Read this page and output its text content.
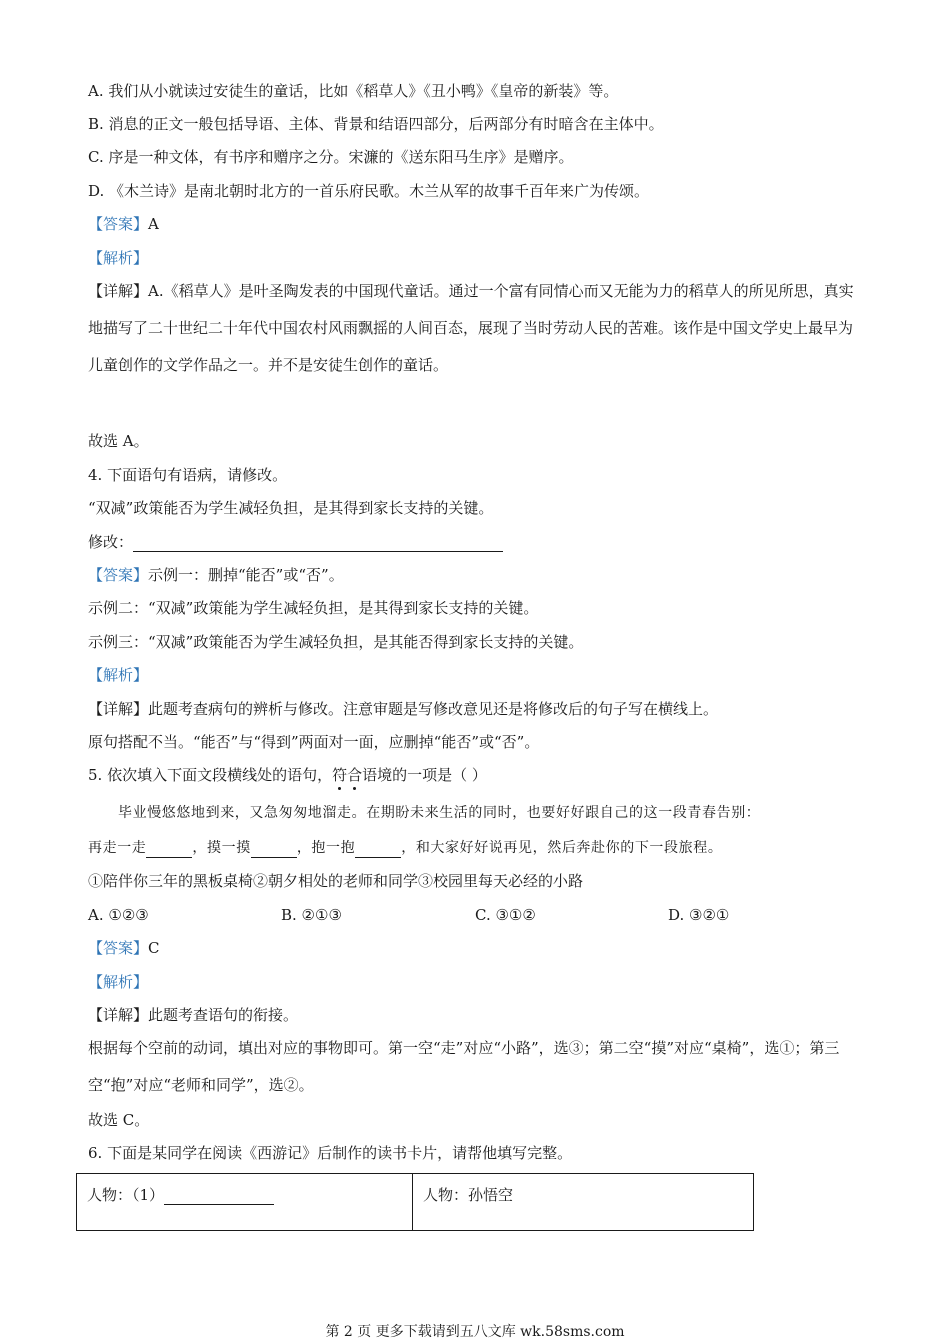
A. 我们从小就读过安徒生的童话，比如《稻草人》《丑小鸭》《皇帝的新装》等。
B. 消息的正文一般包括导语、主体、背景和结语四部分，后两部分有时暗含在主体中。
C. 序是一种文体，有书序和赠序之分。宋濂的《送东阳马生序》是赠序。
D. 《木兰诗》是南北朝时北方的一首乐府民歌。木兰从军的故事千百年来广为传颂。
【答案】A
【解析】
【详解】A.《稻草人》是叶圣陶发表的中国现代童话。通过一个富有同情心而又无能为力的稻草人的所见所思，真实地描写了二十世纪二十年代中国农村风雨飘摇的人间百态，展现了当时劳动人民的苦难。该作是中国文学史上最早为儿童创作的文学作品之一。并不是安徒生创作的童话。
故选 A。
4. 下面语句有语病，请修改。
“双减”政策能否为学生减轻负担，是其得到家长支持的关键。
修改：
【答案】示例一：删掉“能否”或“否”。
示例二：“双减”政策能为学生减轻负担，是其得到家长支持的关键。
示例三：“双减”政策能否为学生减轻负担，是其能否得到家长支持的关键。
【解析】
【详解】此题考查病句的辨析与修改。注意审题是写修改意见还是将修改后的句子写在横线上。
原句搭配不当。“能否”与“得到”两面对一面，应删掉“能否”或“否”。
5. 依次填入下面文段横线处的语句，符合语境的一项是（ ）
毕业慢悠悠地到来，又急匆匆地溜走。在期盼未来生活的同时，也要好好跟自己的这一段青春告别：
再走一走	，摸一摸	，抱一抱	，和大家好好说再见，然后奔赴你的下一段旅程。
①陪伴你三年的黑板桌椅②朝夕相处的老师和同学③校园里每天必经的小路
A. ①②③	B. ②①③	C. ③①②	D. ③②①
【答案】C
【解析】
【详解】此题考查语句的衔接。
根据每个空前的动词，填出对应的事物即可。第一空“走”对应“小路”，选③；第二空“摸”对应“桌椅”，选①；第三空“抱”对应“老师和同学”，选②。
故选 C。
6. 下面是某同学在阅读《西游记》后制作的读书卡片，请帮他填写完整。
人物：（1）	人物：孙悟空
第 2 页 更多下载请到五八文库 wk.58sms.com
